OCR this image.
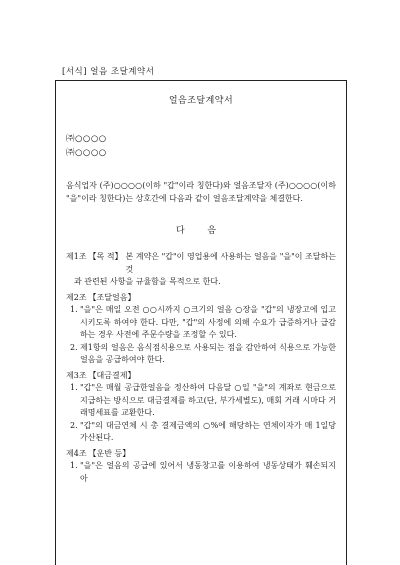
[서식] 얼음 조달계약서
얼음조달계약서
㈜○○○○
㈜○○○○
음식업자 (주)○○○○(이하 "갑"이라 칭한다)와 얼음조달자 (주)○○○○(이하 "을"이라 칭한다)는 상호간에 다음과 같이 얼음조달계약을 체결한다.
다 음
제1조 【목 적】 본 계약은 "갑"이 영업용에 사용하는 얼음을 "을"이 조달하는 것
과 관련된 사항을 규율함을 목적으로 한다.
제2조 【조달얼음】
1. "을"은 매일 오전 ○○시까지 ○크기의 얼음 ○장을 "갑"의 냉장고에 입고시키도록 하여야 한다. 다만, "갑"의 사정에 의해 수요가 급증하거나 급감하는 경우 사전에 주문수량을 조정할 수 있다.
2. 제1항의 얼음은 음식점식용으로 사용되는 점을 감안하여 식용으로 가능한 얼음을 공급하여야 한다.
제3조 【대금결제】
1. "갑"은 매월 공급한얼음을 정산하여 다음달 ○일 "을"의 계좌로 현금으로 지급하는 방식으로 대금결제를 하고(단, 부가세별도), 매회 거래 시마다 거래명세표를 교환한다.
2. "갑"의 대금연체 시 총 결제금액의 ○%에 해당하는 연체이자가 매 1일당 가산된다.
제4조 【운반 등】
1. "을"은 얼음의 공급에 있어서 냉동창고를 이용하여 냉동상태가 훼손되지 아
